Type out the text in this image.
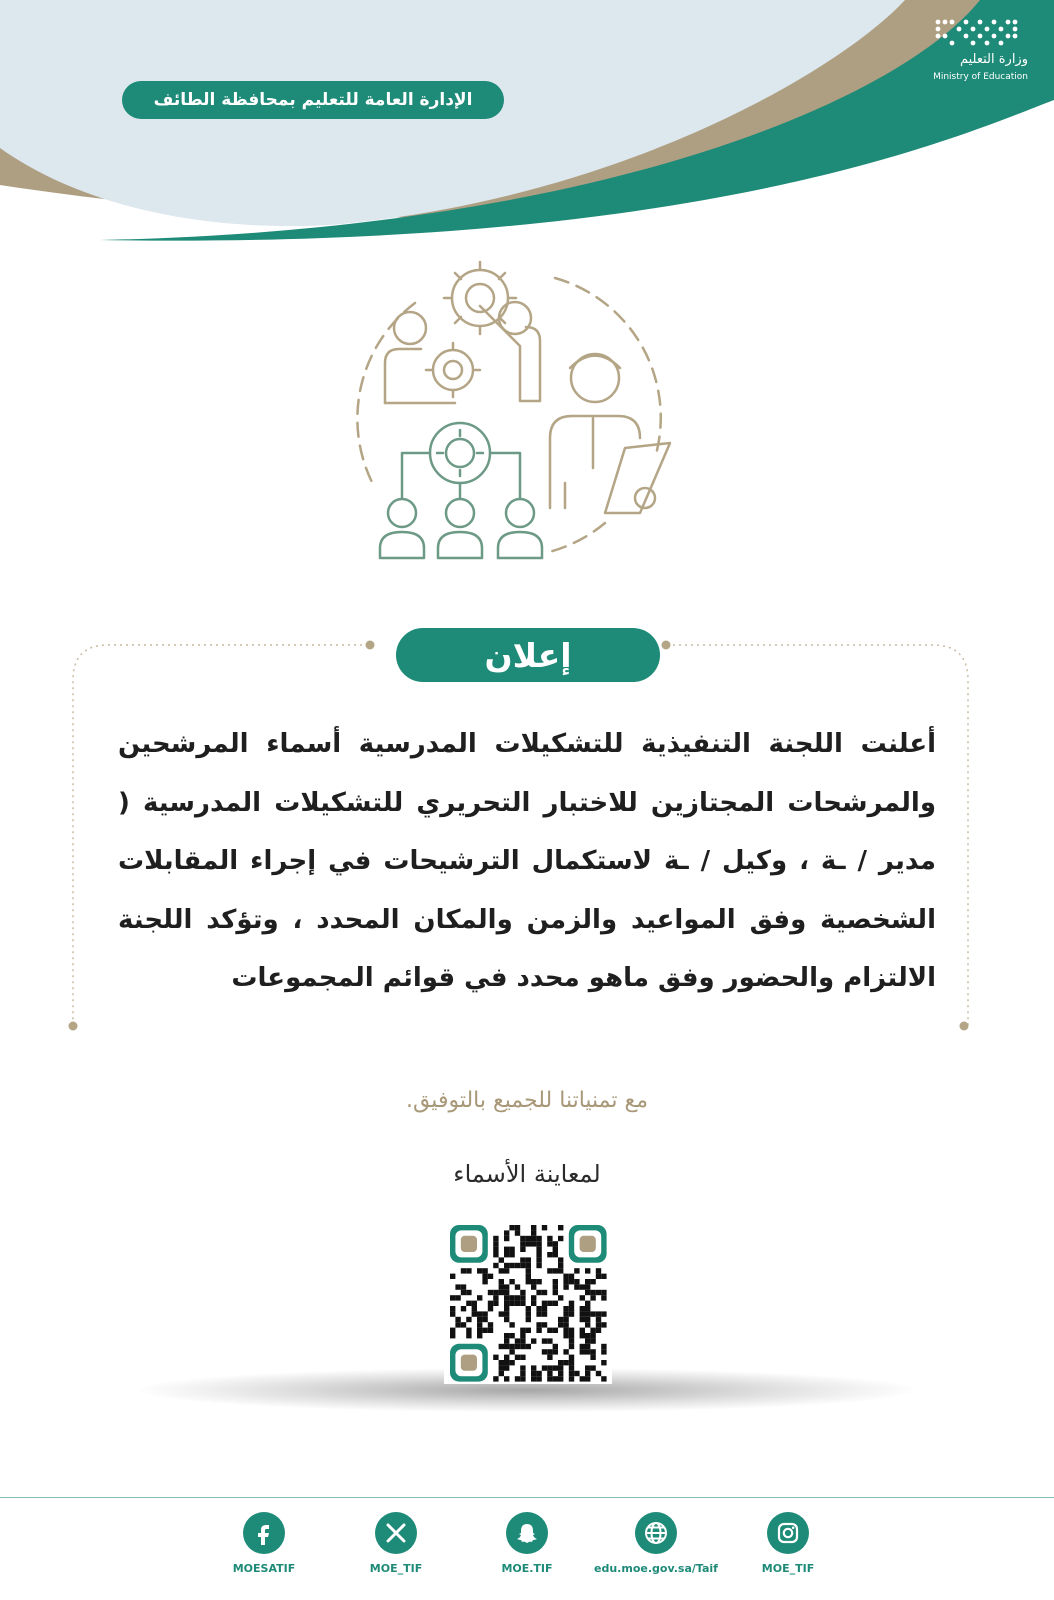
وزارة التعليم
Ministry of Education
الإدارة العامة للتعليم بمحافظة الطائف
إعلان
أعلنت اللجنة التنفيذية للتشكيلات المدرسية أسماء المرشحين والمرشحات المجتازين للاختبار التحريري للتشكيلات المدرسية ( مدير / ـة ، وكيل / ـة لاستكمال الترشيحات في إجراء المقابلات الشخصية وفق المواعيد والزمن والمكان المحدد ، وتؤكد اللجنة الالتزام والحضور وفق ماهو محدد في قوائم المجموعات
مع تمنياتنا للجميع بالتوفيق.
لمعاينة الأسماء
MOESATIF	MOE_TIF	MOE.TIF	edu.moe.gov.sa/Taif	MOE_TIF
